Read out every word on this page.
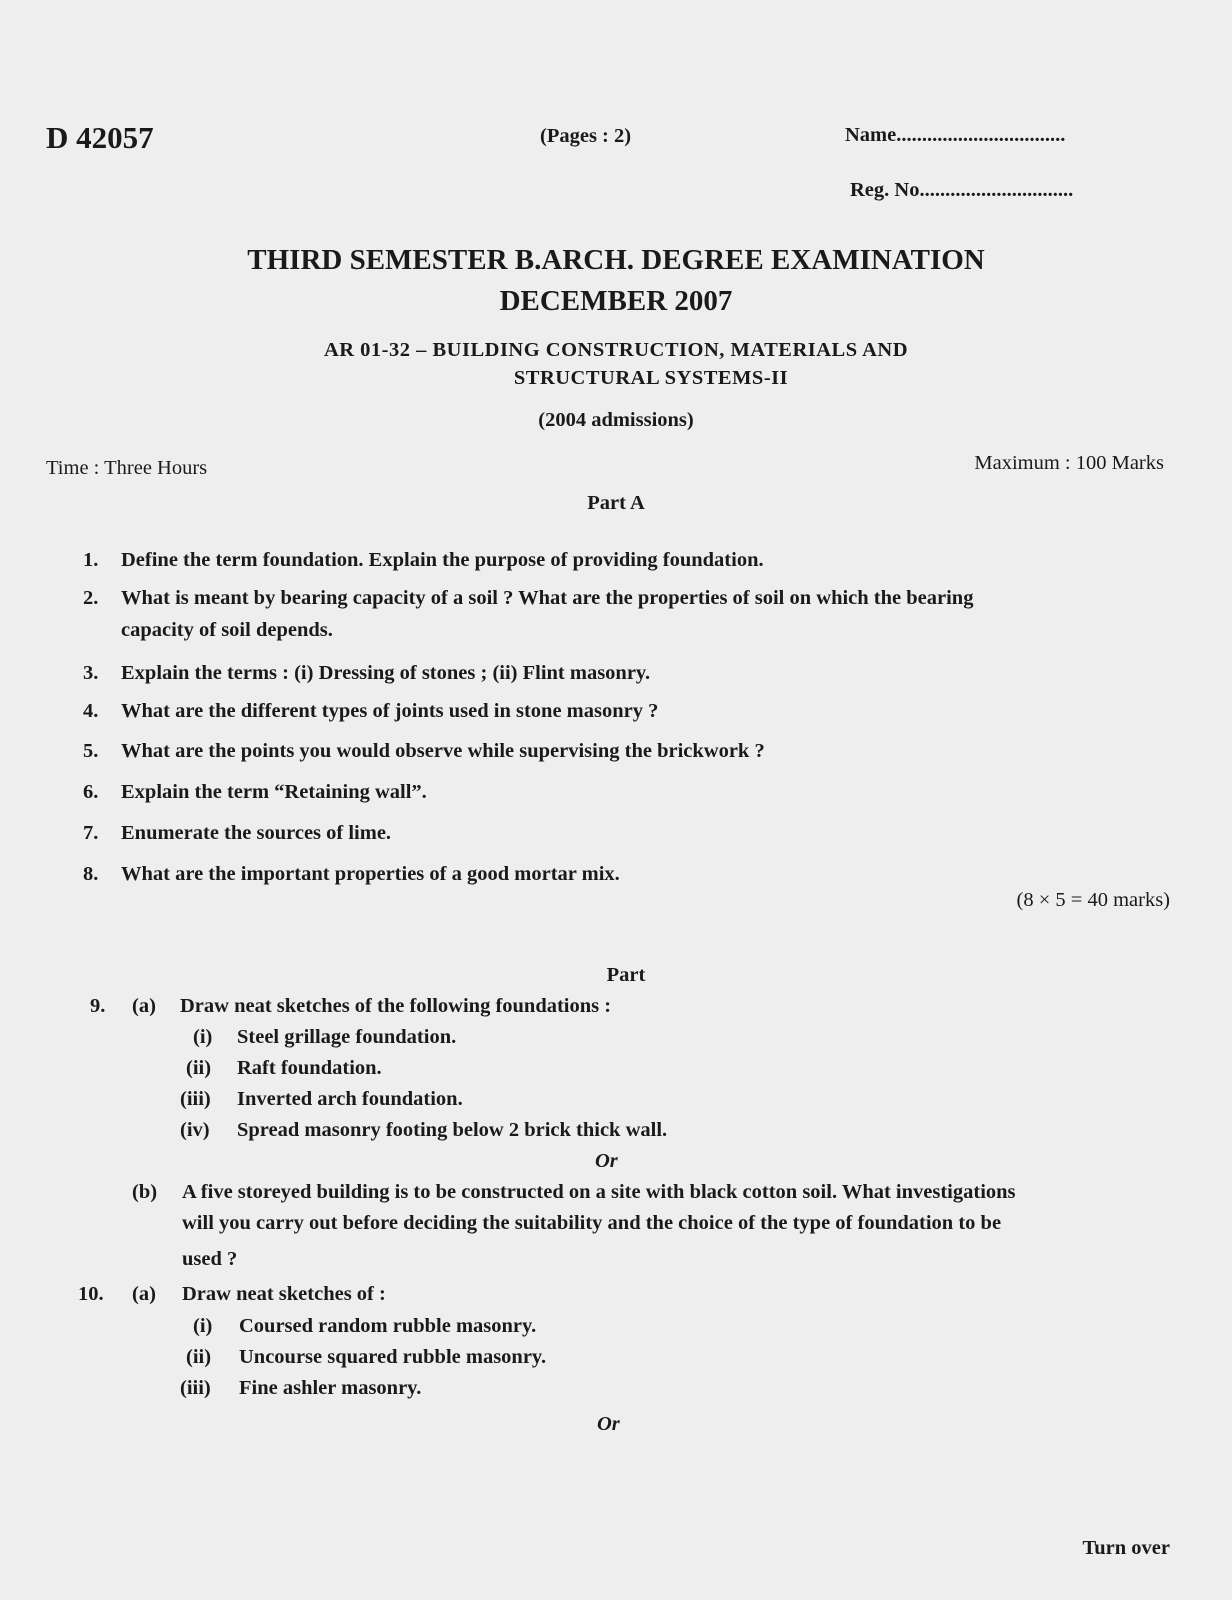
D 42057	(Pages : 2)	Name.................................
Reg. No..............................
THIRD SEMESTER B.ARCH. DEGREE EXAMINATION
DECEMBER 2007
AR 01-32 – BUILDING CONSTRUCTION, MATERIALS AND
STRUCTURAL SYSTEMS-II
(2004 admissions)
Time : Three Hours	Maximum : 100 Marks
Part A
1. Define the term foundation. Explain the purpose of providing foundation.
2. What is meant by bearing capacity of a soil ? What are the properties of soil on which the bearing
capacity of soil depends.
3. Explain the terms : (i) Dressing of stones ; (ii) Flint masonry.
4. What are the different types of joints used in stone masonry ?
5. What are the points you would observe while supervising the brickwork ?
6. Explain the term “Retaining wall”.
7. Enumerate the sources of lime.
8. What are the important properties of a good mortar mix.
(8 × 5 = 40 marks)
Part
9. (a) Draw neat sketches of the following foundations :
(i) Steel grillage foundation.
(ii) Raft foundation.
(iii) Inverted arch foundation.
(iv) Spread masonry footing below 2 brick thick wall.
Or
(b) A five storeyed building is to be constructed on a site with black cotton soil. What investigations
will you carry out before deciding the suitability and the choice of the type of foundation to be
used ?
10. (a) Draw neat sketches of :
(i) Coursed random rubble masonry.
(ii) Uncourse squared rubble masonry.
(iii) Fine ashler masonry.
Or
Turn over
